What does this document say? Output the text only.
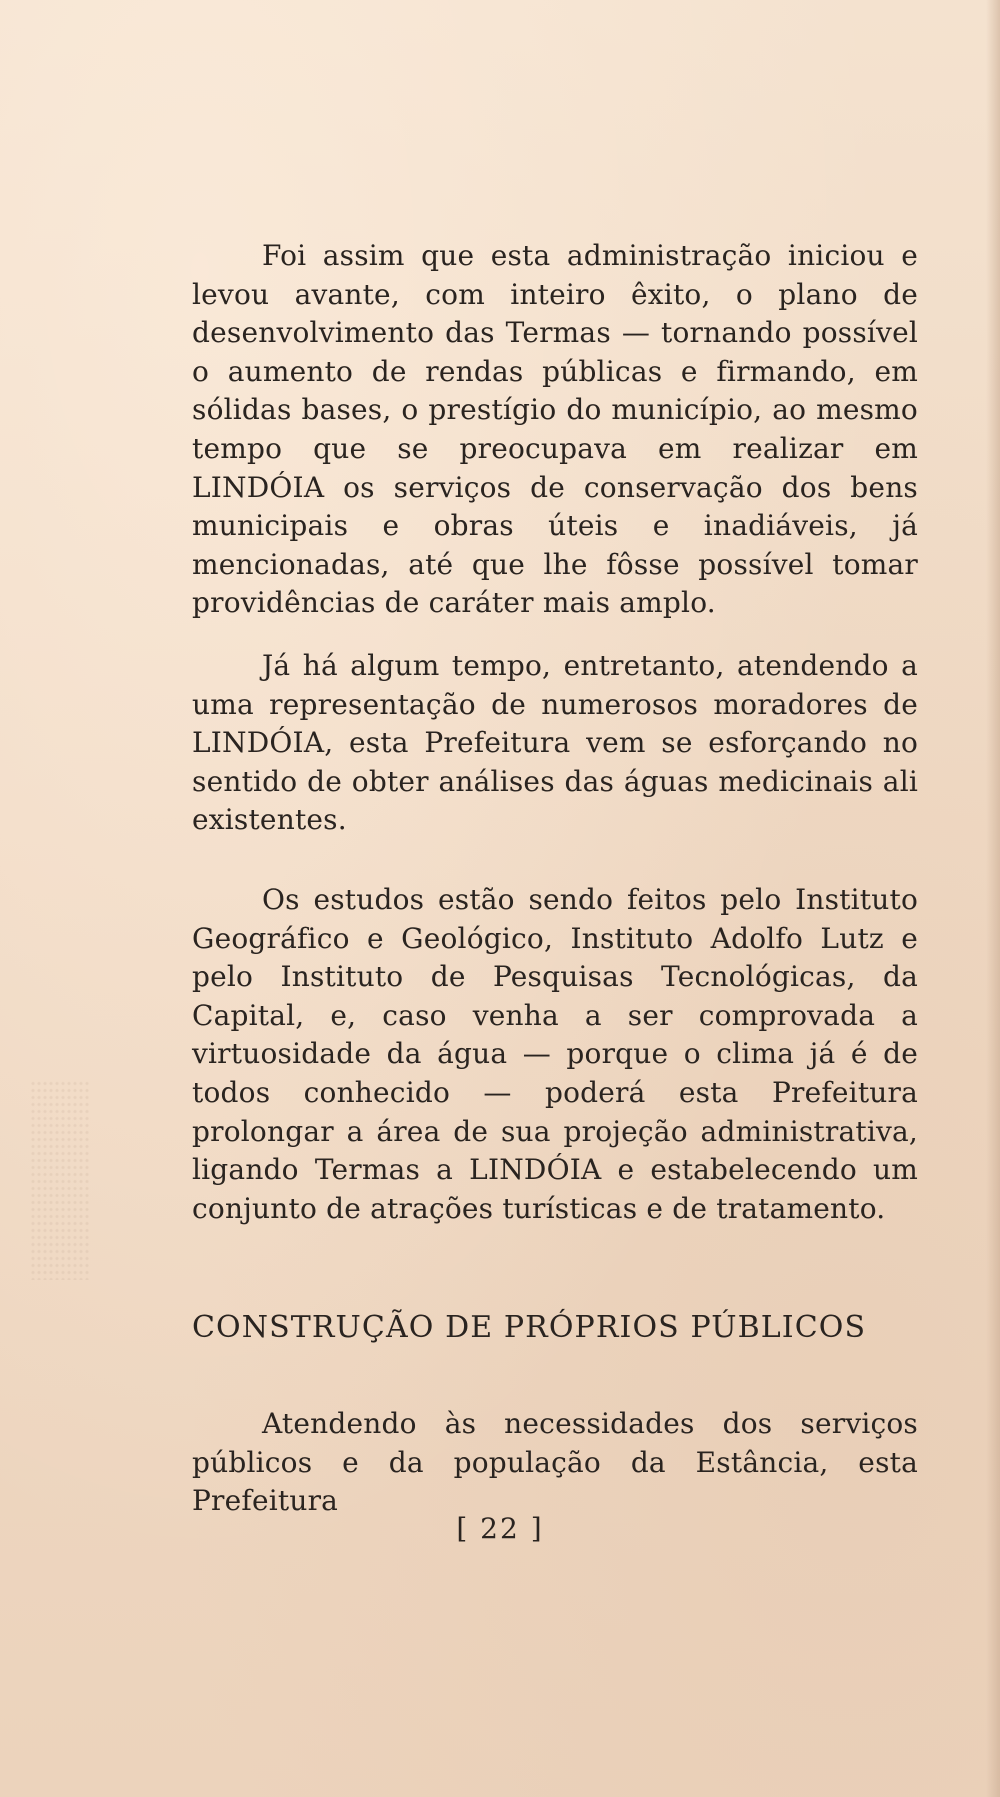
Foi assim que esta administração iniciou e levou avante, com inteiro êxito, o plano de desenvolvimento das Termas — tornando possível o aumento de rendas públicas e firmando, em sólidas bases, o prestígio do município, ao mesmo tempo que se preocupava em realizar em LINDÓIA os serviços de conservação dos bens municipais e obras úteis e inadiáveis, já mencionadas, até que lhe fôsse possível tomar providências de caráter mais amplo.

Já há algum tempo, entretanto, atendendo a uma representação de numerosos moradores de LINDÓIA, esta Prefeitura vem se esforçando no sentido de obter análises das águas medicinais ali existentes.

Os estudos estão sendo feitos pelo Instituto Geográfico e Geológico, Instituto Adolfo Lutz e pelo Instituto de Pesquisas Tecnológicas, da Capital, e, caso venha a ser comprovada a virtuosidade da água — porque o clima já é de todos conhecido — poderá esta Prefeitura prolongar a área de sua projeção administrativa, ligando Termas a LINDÓIA e estabelecendo um conjunto de atrações turísticas e de tratamento.

CONSTRUÇÃO DE PRÓPRIOS PÚBLICOS

Atendendo às necessidades dos serviços públicos e da população da Estância, esta Prefeitura

[ 22 ]
